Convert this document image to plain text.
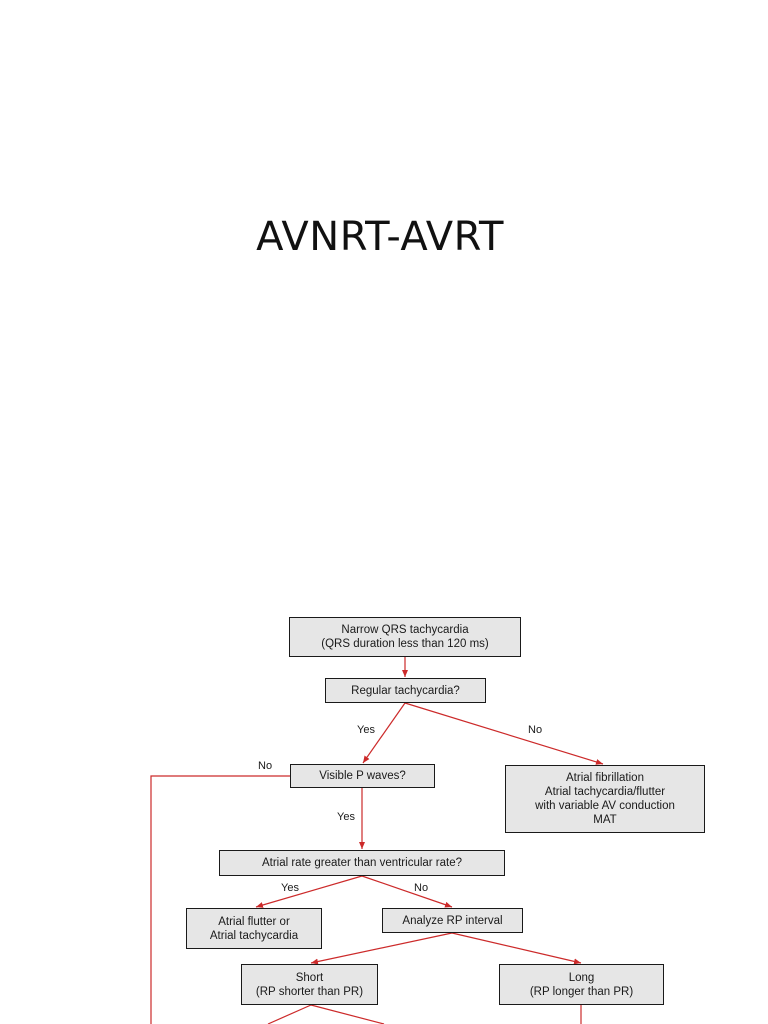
AVNRT-AVRT
Narrow QRS tachycardia
(QRS duration less than 120 ms)
Regular tachycardia?
Visible P waves?	Atrial fibrillation
Atrial tachycardia/flutter
with variable AV conduction
MAT
Atrial rate greater than ventricular rate?
Atrial flutter or
Atrial tachycardia
Analyze RP interval
Short
(RP shorter than PR)
Long
(RP longer than PR)
Yes	No
No
Yes
Yes	No
